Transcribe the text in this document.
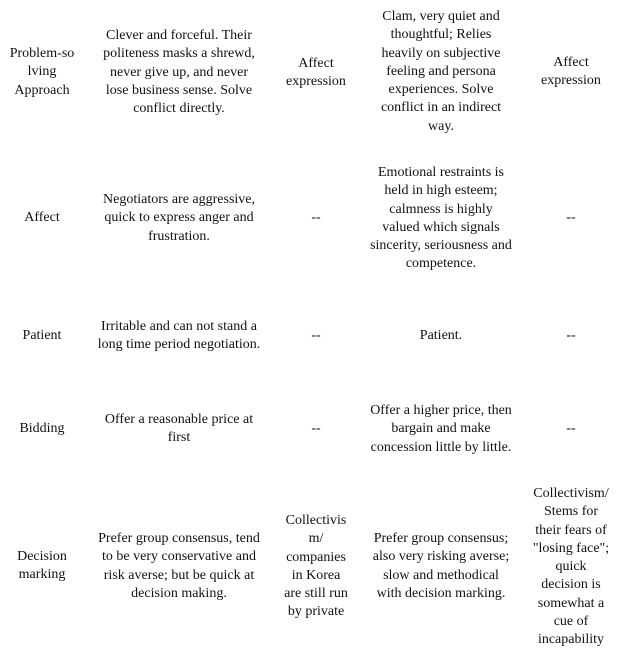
Problem-so
lving
Approach
Clever and forceful. Their
politeness masks a shrewd,
never give up, and never
lose business sense. Solve
conflict directly.
Affect
expression
Clam, very quiet and
thoughtful; Relies
heavily on subjective
feeling and persona
experiences. Solve
conflict in an indirect
way.
Affect
expression
Affect
Negotiators are aggressive,
quick to express anger and
frustration.
--
Emotional restraints is
held in high esteem;
calmness is highly
valued which signals
sincerity, seriousness and
competence.
--
Patient
Irritable and can not stand a
long time period negotiation.
--	Patient.	--
Bidding
Offer a reasonable price at
first
--
Offer a higher price, then
bargain and make
concession little by little.
--
Decision
marking
Prefer group consensus, tend
to be very conservative and
risk averse; but be quick at
decision making.
Collectivis
m/
companies
in Korea
are still run
by private
Prefer group consensus;
also very risking averse;
slow and methodical
with decision marking.
Collectivism/
Stems for
their fears of
"losing face";
quick
decision is
somewhat a
cue of
incapability
